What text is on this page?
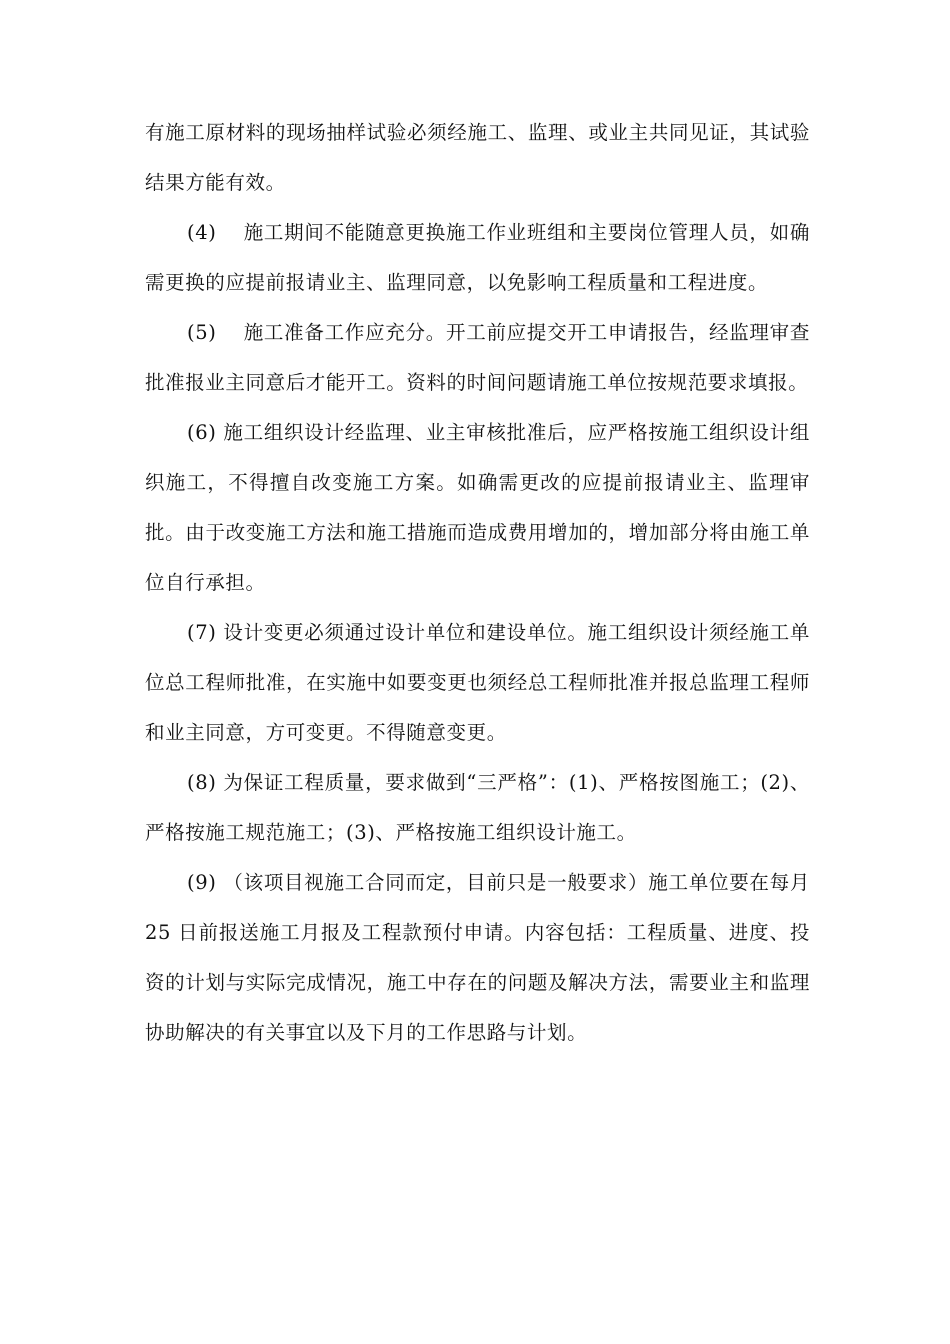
有施工原材料的现场抽样试验必须经施工、监理、或业主共同见证，其试验结果方能有效。

(4)　 施工期间不能随意更换施工作业班组和主要岗位管理人员，如确需更换的应提前报请业主、监理同意，以免影响工程质量和工程进度。

(5)　 施工准备工作应充分。开工前应提交开工申请报告，经监理审查批准报业主同意后才能开工。资料的时间问题请施工单位按规范要求填报。

(6) 施工组织设计经监理、业主审核批准后，应严格按施工组织设计组织施工，不得擅自改变施工方案。如确需更改的应提前报请业主、监理审批。由于改变施工方法和施工措施而造成费用增加的，增加部分将由施工单位自行承担。

(7) 设计变更必须通过设计单位和建设单位。施工组织设计须经施工单位总工程师批准，在实施中如要变更也须经总工程师批准并报总监理工程师和业主同意，方可变更。不得随意变更。

(8) 为保证工程质量，要求做到“三严格”：(1)、严格按图施工；(2)、严格按施工规范施工；(3)、严格按施工组织设计施工。

(9) （该项目视施工合同而定，目前只是一般要求）施工单位要在每月 25 日前报送施工月报及工程款预付申请。内容包括：工程质量、进度、投资的计划与实际完成情况，施工中存在的问题及解决方法，需要业主和监理协助解决的有关事宜以及下月的工作思路与计划。
